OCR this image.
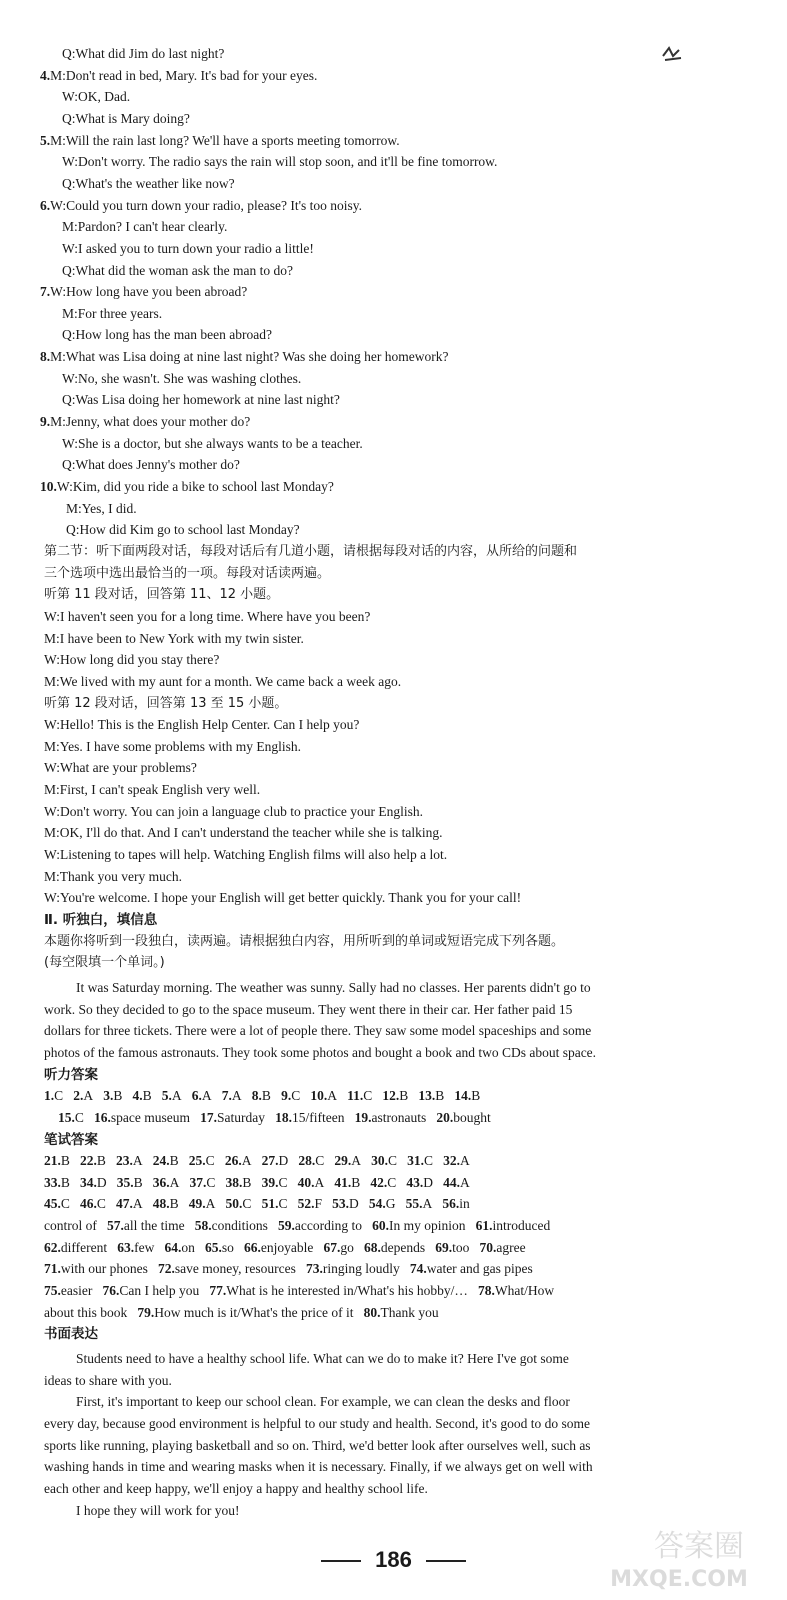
Q:What did Jim do last night?
4.M:Don't read in bed, Mary. It's bad for your eyes.
W:OK, Dad.
Q:What is Mary doing?
5.M:Will the rain last long? We'll have a sports meeting tomorrow.
W:Don't worry. The radio says the rain will stop soon, and it'll be fine tomorrow.
Q:What's the weather like now?
6.W:Could you turn down your radio, please? It's too noisy.
M:Pardon? I can't hear clearly.
W:I asked you to turn down your radio a little!
Q:What did the woman ask the man to do?
7.W:How long have you been abroad?
M:For three years.
Q:How long has the man been abroad?
8.M:What was Lisa doing at nine last night? Was she doing her homework?
W:No, she wasn't. She was washing clothes.
Q:Was Lisa doing her homework at nine last night?
9.M:Jenny, what does your mother do?
W:She is a doctor, but she always wants to be a teacher.
Q:What does Jenny's mother do?
10.W:Kim, did you ride a bike to school last Monday?
M:Yes, I did.
Q:How did Kim go to school last Monday?
第二节：听下面两段对话，每段对话后有几道小题，请根据每段对话的内容，从所给的问题和
三个选项中选出最恰当的一项。每段对话读两遍。
听第 11 段对话，回答第 11、12 小题。
W:I haven't seen you for a long time. Where have you been?
M:I have been to New York with my twin sister.
W:How long did you stay there?
M:We lived with my aunt for a month. We came back a week ago.
听第 12 段对话，回答第 13 至 15 小题。
W:Hello! This is the English Help Center. Can I help you?
M:Yes. I have some problems with my English.
W:What are your problems?
M:First, I can't speak English very well.
W:Don't worry. You can join a language club to practice your English.
M:OK, I'll do that. And I can't understand the teacher while she is talking.
W:Listening to tapes will help. Watching English films will also help a lot.
M:Thank you very much.
W:You're welcome. I hope your English will get better quickly. Thank you for your call!
Ⅱ. 听独白，填信息
本题你将听到一段独白，读两遍。请根据独白内容，用所听到的单词或短语完成下列各题。
(每空限填一个单词。)
It was Saturday morning. The weather was sunny. Sally had no classes. Her parents didn't go to
work. So they decided to go to the space museum. They went there in their car. Her father paid 15
dollars for three tickets. There were a lot of people there. They saw some model spaceships and some
photos of the famous astronauts. They took some photos and bought a book and two CDs about space.
听力答案
1.C 2.A 3.B 4.B 5.A 6.A 7.A 8.B 9.C 10.A 11.C 12.B 13.B 14.B
15.C 16.space museum 17.Saturday 18.15/fifteen 19.astronauts 20.bought
笔试答案
21.B 22.B 23.A 24.B 25.C 26.A 27.D 28.C 29.A 30.C 31.C 32.A
33.B 34.D 35.B 36.A 37.C 38.B 39.C 40.A 41.B 42.C 43.D 44.A
45.C 46.C 47.A 48.B 49.A 50.C 51.C 52.F 53.D 54.G 55.A 56.in
control of 57.all the time 58.conditions 59.according to 60.In my opinion 61.introduced
62.different 63.few 64.on 65.so 66.enjoyable 67.go 68.depends 69.too 70.agree
71.with our phones 72.save money, resources 73.ringing loudly 74.water and gas pipes
75.easier 76.Can I help you 77.What is he interested in/What's his hobby/… 78.What/How
about this book 79.How much is it/What's the price of it 80.Thank you
书面表达
Students need to have a healthy school life. What can we do to make it? Here I've got some
ideas to share with you.
First, it's important to keep our school clean. For example, we can clean the desks and floor
every day, because good environment is helpful to our study and health. Second, it's good to do some
sports like running, playing basketball and so on. Third, we'd better look after ourselves well, such as
washing hands in time and wearing masks when it is necessary. Finally, if we always get on well with
each other and keep happy, we'll enjoy a happy and healthy school life.
I hope they will work for you!
186	答案圈
MXQE.COM
